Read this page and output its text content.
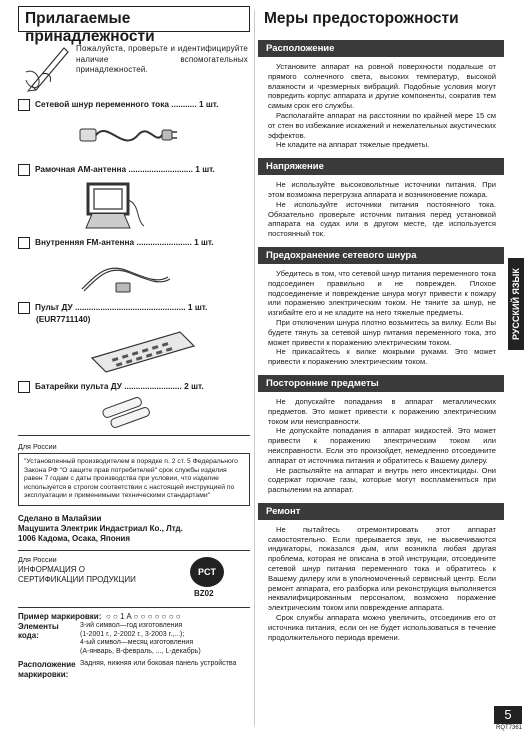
Прилагаемые принадлежности
Пожалуйста, проверьте и идентифицируйте наличие вспомогательных принадлежностей.
Сетевой шнур переменного тока ........... 1 шт.
Рамочная AM-антенна ............................ 1 шт.
Внутренняя FM-антенна ........................ 1 шт.
Пульт ДУ ................................................ 1 шт.
(EUR7711140)
Батарейки пульта ДУ ......................... 2 шт.
Для России
"Установленный производителем в порядке п. 2 ст. 5 Федерального Закона РФ "О защите прав потребителей" срок службы изделия равен 7 годам с даты производства при условии, что изделие используется в строгом соответствии с настоящей инструкцией по эксплуатации и применимыми техническими стандартами"
Сделано в Малайзии
Мацушита Электрик Индастриал Ко., Лтд.
1006 Кадома, Осака, Япония
Для России
ИНФОРМАЦИЯ О СЕРТИФИКАЦИИ ПРОДУКЦИИ
PCT
BZ02
Пример маркировки: ○ ○ 1 A ○ ○ ○ ○ ○ ○ ○
Элементы кода:
3-ий символ—год изготовления
(1-2001 г., 2-2002 г., 3-2003 г.,...);
4-ый символ—месяц изготовления
(А-январь, В-февраль, ..., L-декабрь)
Расположение маркировки:
Задняя, нижняя или боковая панель устройства
Меры предосторожности
Расположение

Установите аппарат на ровной поверхности подальше от прямого солнечного света, высоких температур, высокой влажности и чрезмерных вибраций. Подобные условия могут повредить корпус аппарата и другие компоненты, сократив тем самым срок его службы.

Располагайте аппарат на расстоянии по крайней мере 15 см от стен во избежание искажений и нежелательных акустических эффектов.

Не кладите на аппарат тяжелые предметы.

Напряжение

Не используйте высоковольтные источники питания. При этом возможна перегрузка аппарата и возникновение пожара.

Не используйте источники питания постоянного тока. Обязательно проверьте источник питания перед установкой аппарата на судах или в другом месте, где используется постоянный ток.

Предохранение сетевого шнура

Убедитесь в том, что сетевой шнур питания переменного тока подсоединен правильно и не поврежден. Плохое подсоединение и повреждение шнура могут привести к пожару или поражению электрическим током. Не тяните за шнур, не изгибайте его и не кладите на него тяжелые предметы.

При отключении шнура плотно возьмитесь за вилку. Если Вы будете тянуть за сетевой шнур питания переменного тока, это может привести к поражению электрическим током.

Не прикасайтесь к вилке мокрыми руками. Это может привести к поражению электрическим током.

Посторонние предметы

Не допускайте попадания в аппарат металлических предметов. Это может привести к поражению электрическим током или неисправности.

Не допускайте попадания в аппарат жидкостей. Это может привести к поражению электрическим током или неисправности. Если это произойдет, немедленно отсоедините аппарат от источника питания и обратитесь к Вашему дилеру.

Не распыляйте на аппарат и внутрь него инсектициды. Они содержат горючие газы, которые могут воспламениться при распылении на аппарат.

Ремонт

Не пытайтесь отремонтировать этот аппарат самостоятельно. Если прерывается звук, не высвечиваются индикаторы, показался дым, или возникла любая другая проблема, которая не описана в этой инструкции, отсоедините сетевой шнур питания переменного тока и обратитесь к Вашему дилеру или в уполномоченный сервисный центр. Если ремонт аппарата, его разборка или реконструкция выполняется неквалифицированным персоналом, возможно поражение электрическим током или повреждение аппарата.

Срок службы аппарата можно увеличить, отсоединив его от источника питания, если он не будет использоваться в течение продолжительного периода времени.

РУССКИЙ ЯЗЫК
5
RQT7361
